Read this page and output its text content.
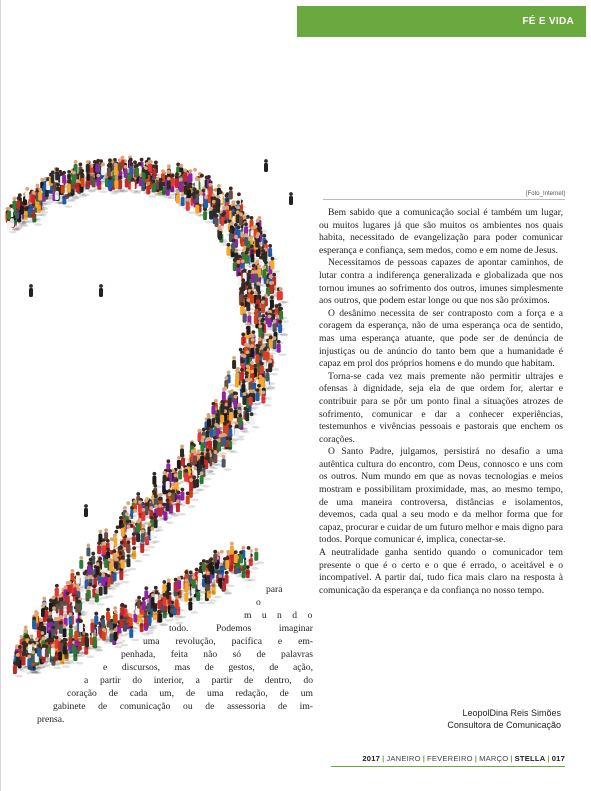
FÉ E VIDA
[Foto_Internet]

Bem sabido que a comunicação social é também um lugar, ou muitos lugares já que são muitos os ambientes nos quais habita, necessitado de evangelização para poder comunicar esperança e confiança, sem medos, como e em nome de Jesus.

Necessitamos de pessoas capazes de apontar caminhos, de lutar contra a indiferença generalizada e globalizada que nos tornou imunes ao sofrimento dos outros, imunes simplesmente aos outros, que podem estar longe ou que nos são próximos.

O desânimo necessita de ser contraposto com a força e a coragem da esperança, não de uma esperança oca de sentido, mas uma esperança atuante, que pode ser de denúncia de injustiças ou de anúncio do tanto bem que a humanidade é capaz em prol dos próprios homens e do mundo que habitam.

Torna-se cada vez mais premente não permitir ultrajes e ofensas à dignidade, seja ela de que ordem for, alertar e contribuir para se pôr um ponto final a situações atrozes de sofrimento, comunicar e dar a conhecer experiências, testemunhos e vivências pessoais e pastorais que enchem os corações.

O Santo Padre, julgamos, persistirá no desafio a uma autêntica cultura do encontro, com Deus, connosco e uns com os outros. Num mundo em que as novas tecnologias e meios mostram e possibilitam proximidade, mas, ao mesmo tempo, de uma maneira controversa, distâncias e isolamentos, devemos, cada qual a seu modo e da melhor forma que for capaz, procurar e cuidar de um futuro melhor e mais digno para todos. Porque comunicar é, implica, conectar-se.

A neutralidade ganha sentido quando o comunicador tem presente o que é o certo e o que é errado, o aceitável e o incompatível. A partir daí, tudo fica mais claro na resposta à comunicação da esperança e da confiança no nosso tempo.

para
o
m u n d o
todo. Podemos imaginar
uma revolução, pacífica e em-
penhada, feita não só de palavras
e discursos, mas de gestos, de ação,
a partir do interior, a partir de dentro, do
coração de cada um, de uma redação, de um
gabinete de comunicação ou de assessoria de im-
prensa.
LeopolDina Reis Simões
Consultora de Comunicação
2017 | JANEIRO | FEVEREIRO | MARÇO | STELLA | 017
